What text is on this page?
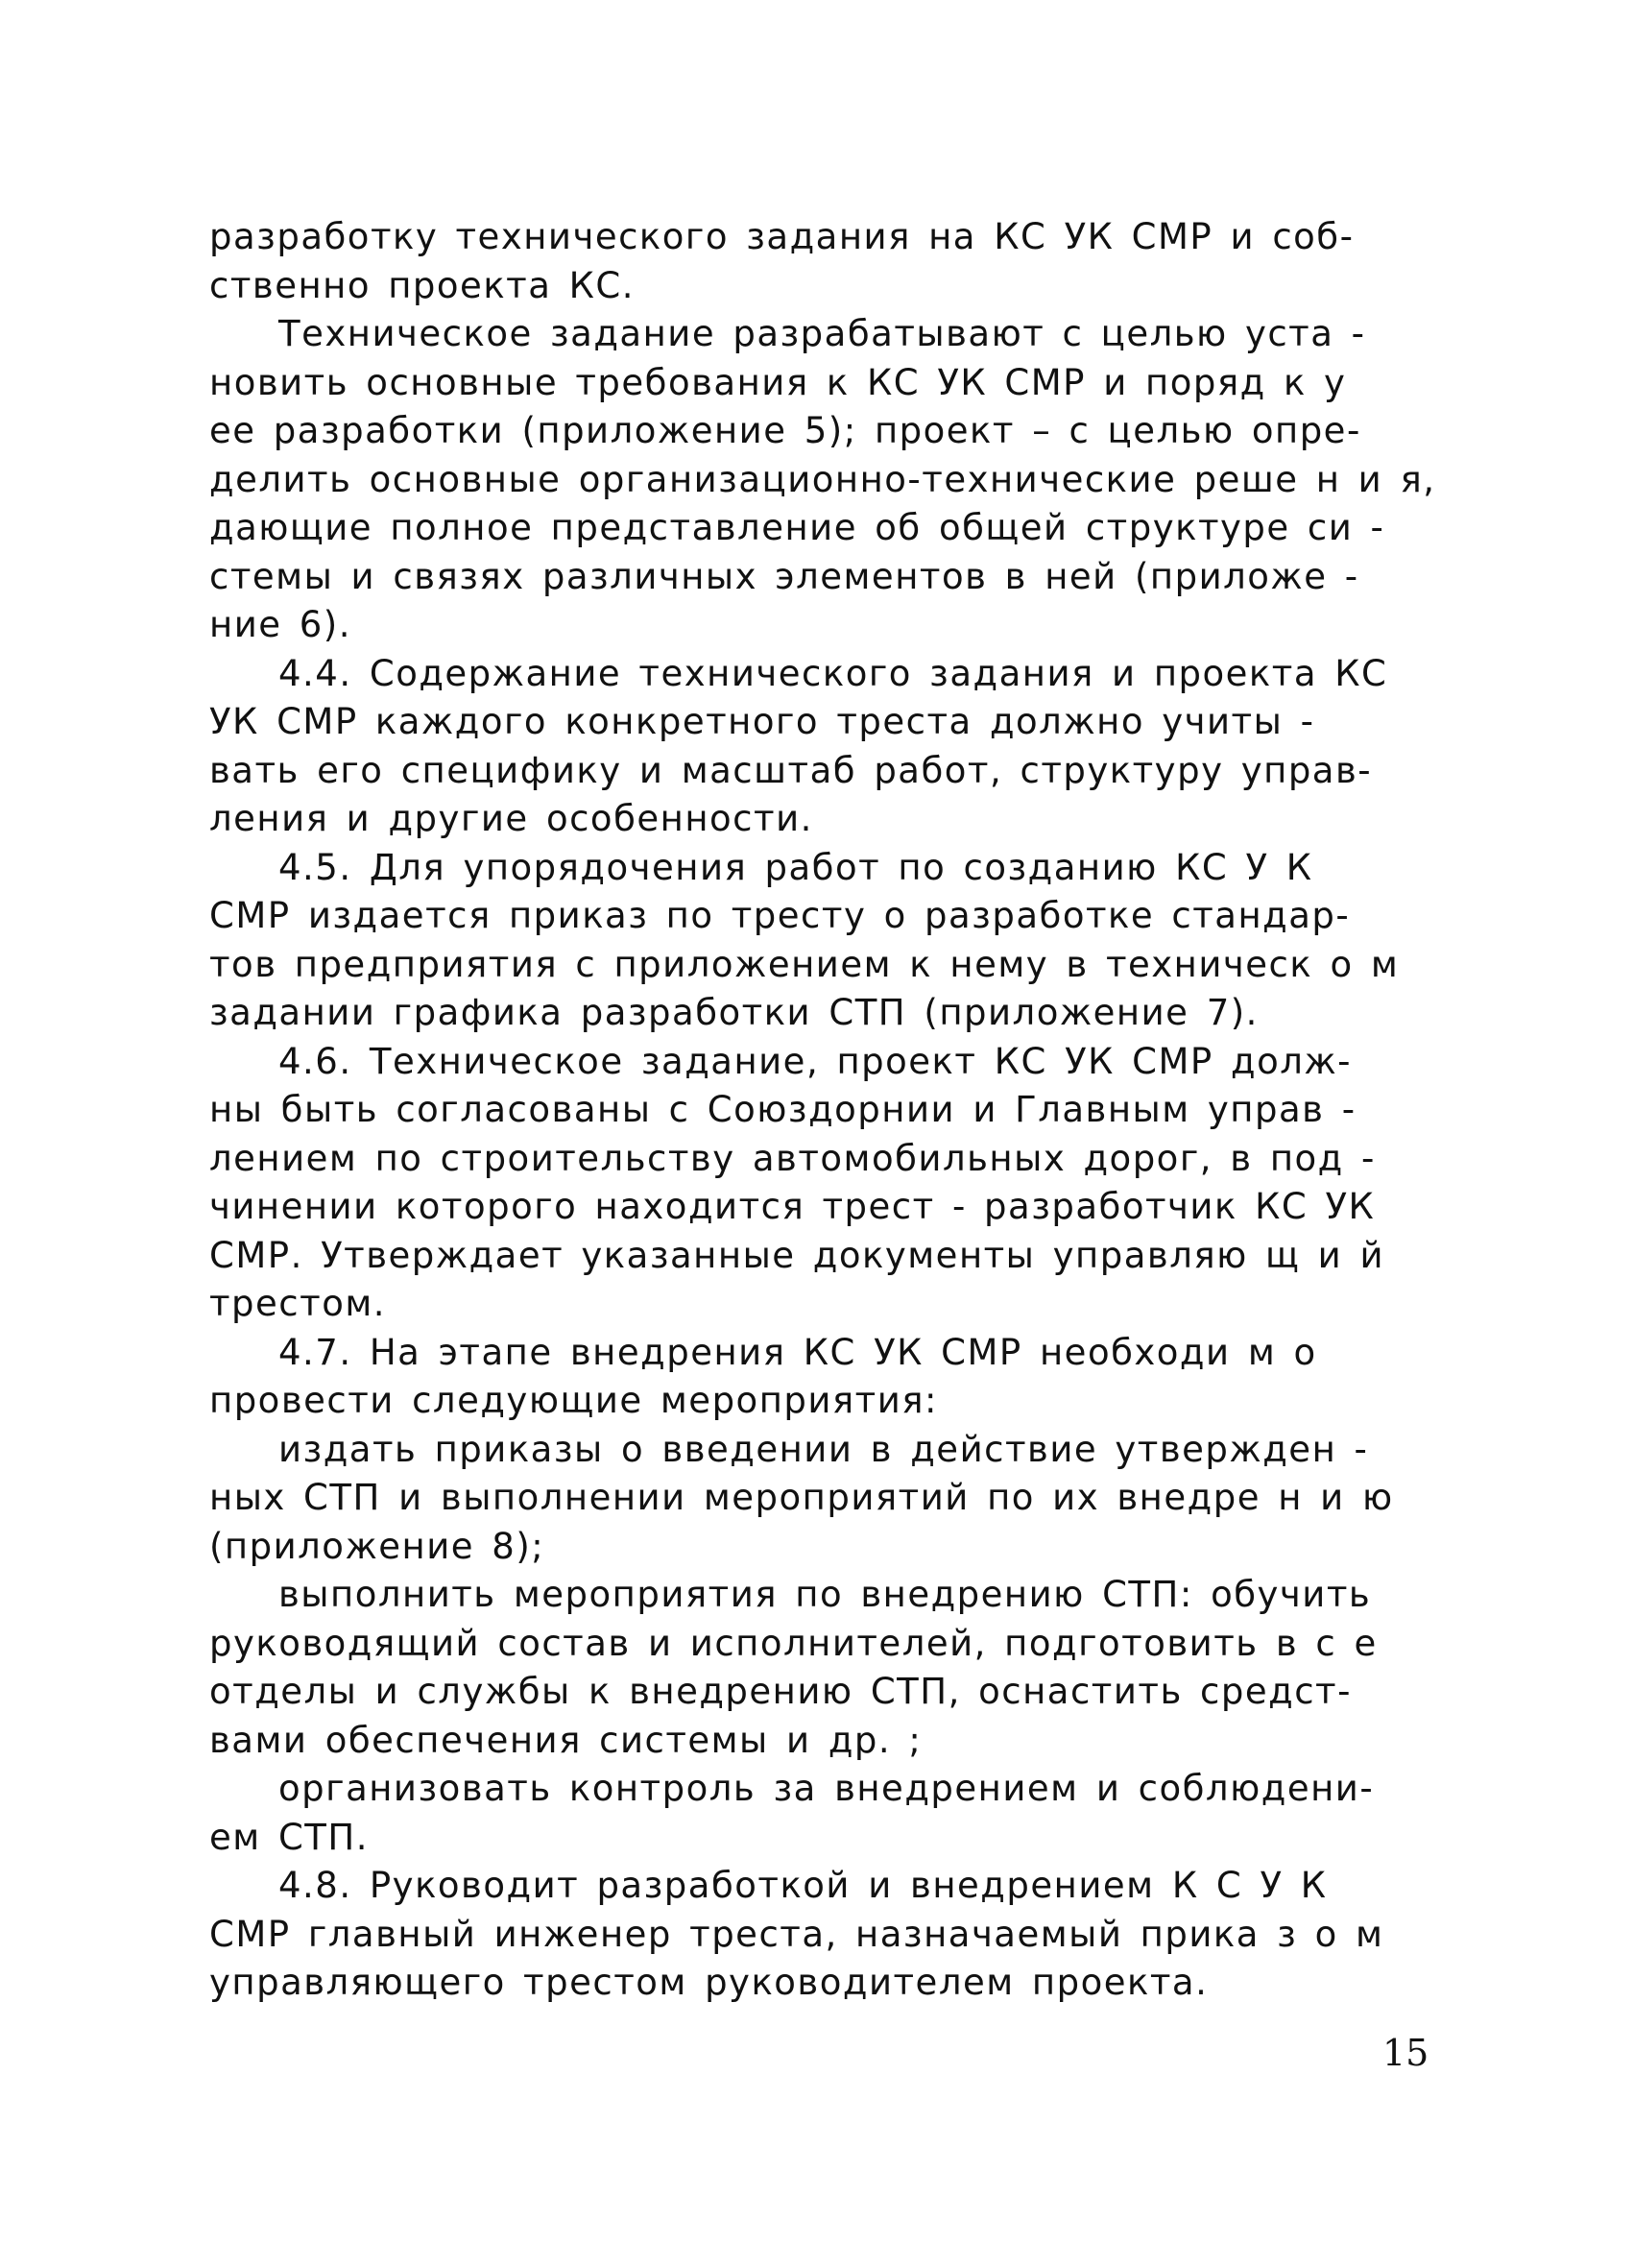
разработку технического задания на КС УК СМР и соб-
ственно проекта КС.
Техническое задание разрабатывают с целью уста -
новить основные требования к КС УК СМР и поряд к у
ее разработки (приложение 5); проект – с целью опре-
делить основные организационно-технические реше н и я,
дающие полное представление об общей структуре си -
стемы и связях различных элементов в ней (приложе -
ние 6).
4.4. Содержание технического задания и проекта КС
УК СМР каждого конкретного треста должно учиты -
вать его специфику и масштаб работ, структуру управ-
ления и другие особенности.
4.5. Для упорядочения работ по созданию КС У К
СМР издается приказ по тресту о разработке стандар-
тов предприятия с приложением к нему в техническ о м
задании графика разработки СТП (приложение 7).
4.6. Техническое задание, проект КС УК СМР долж-
ны быть согласованы с Союздорнии и Главным управ -
лением по строительству автомобильных дорог, в под -
чинении которого находится трест - разработчик КС УК
СМР. Утверждает указанные документы управляю щ и й
трестом.
4.7. На этапе внедрения КС УК СМР необходи м о
провести следующие мероприятия:
издать приказы о введении в действие утвержден -
ных СТП и выполнении мероприятий по их внедре н и ю
(приложение 8);
выполнить мероприятия по внедрению СТП: обучить
руководящий состав и исполнителей, подготовить в с е
отделы и службы к внедрению СТП, оснастить средст-
вами обеспечения системы и др. ;
организовать контроль за внедрением и соблюдени-
ем СТП.
4.8. Руководит разработкой и внедрением К С У К
СМР главный инженер треста, назначаемый прика з о м
управляющего трестом руководителем проекта.
15
